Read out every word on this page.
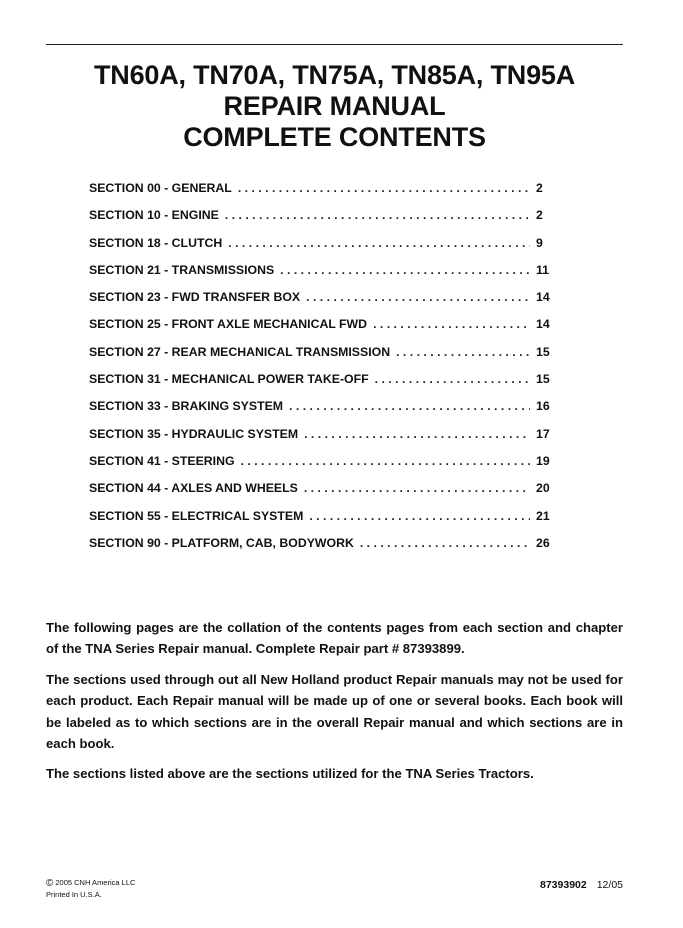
TN60A, TN70A, TN75A, TN85A, TN95A
REPAIR MANUAL
COMPLETE CONTENTS
SECTION 00 - GENERAL . . .	2
SECTION 10 - ENGINE . . .	2
SECTION 18 - CLUTCH . . .	9
SECTION 21 - TRANSMISSIONS . . .	11
SECTION 23 - FWD TRANSFER BOX . . .	14
SECTION 25 - FRONT AXLE MECHANICAL FWD . . .	14
SECTION 27 - REAR MECHANICAL TRANSMISSION . . .	15
SECTION 31 - MECHANICAL POWER TAKE-OFF . . .	15
SECTION 33 - BRAKING SYSTEM . . .	16
SECTION 35 - HYDRAULIC SYSTEM . . .	17
SECTION 41 - STEERING . . .	19
SECTION 44 - AXLES AND WHEELS . . .	20
SECTION 55 - ELECTRICAL SYSTEM . . .	21
SECTION 90 - PLATFORM, CAB, BODYWORK . . .	26

The following pages are the collation of the contents pages from each section and chapter of the TNA Series Repair manual. Complete Repair part # 87393899.

The sections used through out all New Holland product Repair manuals may not be used for each product. Each Repair manual will be made up of one or several books. Each book will be labeled as to which sections are in the overall Repair manual and which sections are in each book.

The sections listed above are the sections utilized for the TNA Series Tractors.

© 2005 CNH America LLC
Printed In U.S.A.
87393902 12/05
